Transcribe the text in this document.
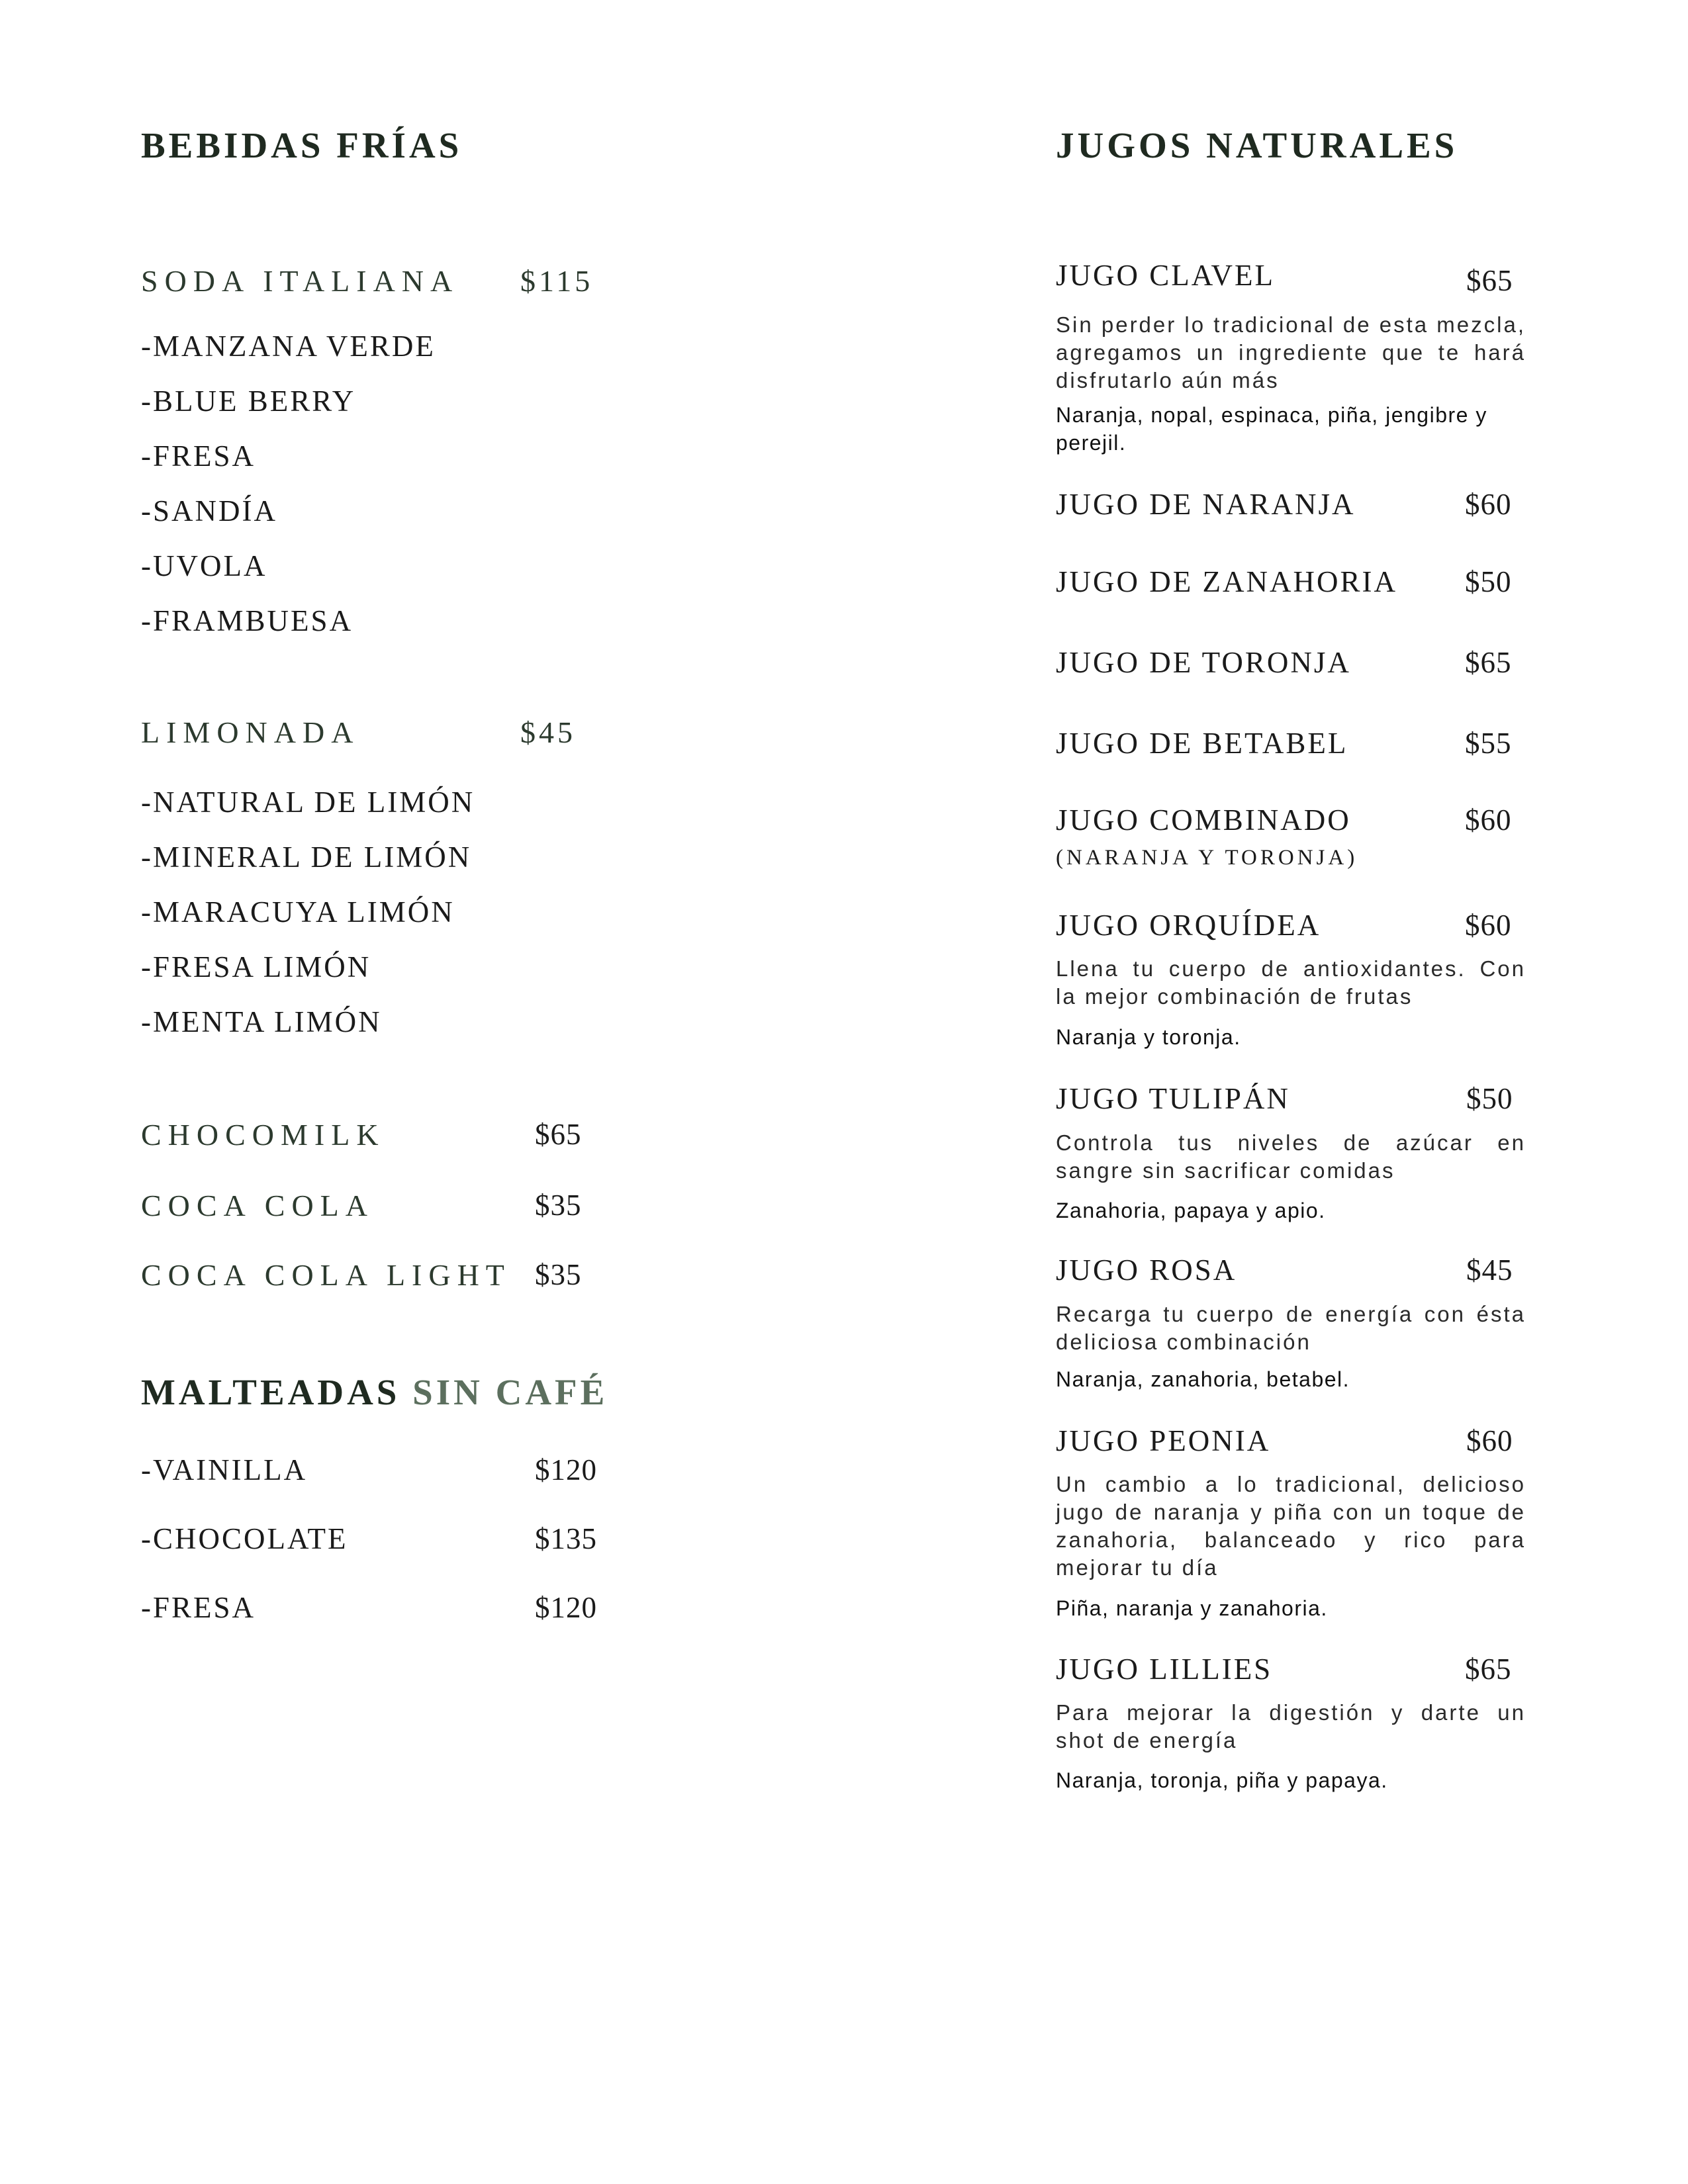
BEBIDAS FRÍAS
SODA ITALIANA $115
-MANZANA VERDE
-BLUE BERRY
-FRESA
-SANDÍA
-UVOLA
-FRAMBUESA
LIMONADA	$45
-NATURAL DE LIMÓN
-MINERAL DE LIMÓN
-MARACUYA LIMÓN
-FRESA LIMÓN
-MENTA LIMÓN
CHOCOMILK	$65
COCA COLA	$35
COCA COLA LIGHT $35
MALTEADAS SIN CAFÉ
-VAINILLA	$120
-CHOCOLATE	$135
-FRESA	$120
JUGOS NATURALES
JUGO CLAVEL	$65
Sin perder lo tradicional de esta mezcla, agregamos un ingrediente que te hará disfrutarlo aún más
Naranja, nopal, espinaca, piña, jengibre y perejil.
JUGO DE NARANJA	$60
JUGO DE ZANAHORIA $50
JUGO DE TORONJA	$65
JUGO DE BETABEL	$55
JUGO COMBINADO	$60
(NARANJA Y TORONJA)
JUGO ORQUÍDEA	$60
Llena tu cuerpo de antioxidantes. Con la mejor combinación de frutas
Naranja y toronja.
JUGO TULIPÁN	$50
Controla tus niveles de azúcar en sangre sin sacrificar comidas
Zanahoria, papaya y apio.
JUGO ROSA	$45
Recarga tu cuerpo de energía con ésta deliciosa combinación
Naranja, zanahoria, betabel.
JUGO PEONIA	$60
Un cambio a lo tradicional, delicioso jugo de naranja y piña con un toque de zanahoria, balanceado y rico para mejorar tu día
Piña, naranja y zanahoria.
JUGO LILLIES	$65
Para mejorar la digestión y darte un shot de energía
Naranja, toronja, piña y papaya.
